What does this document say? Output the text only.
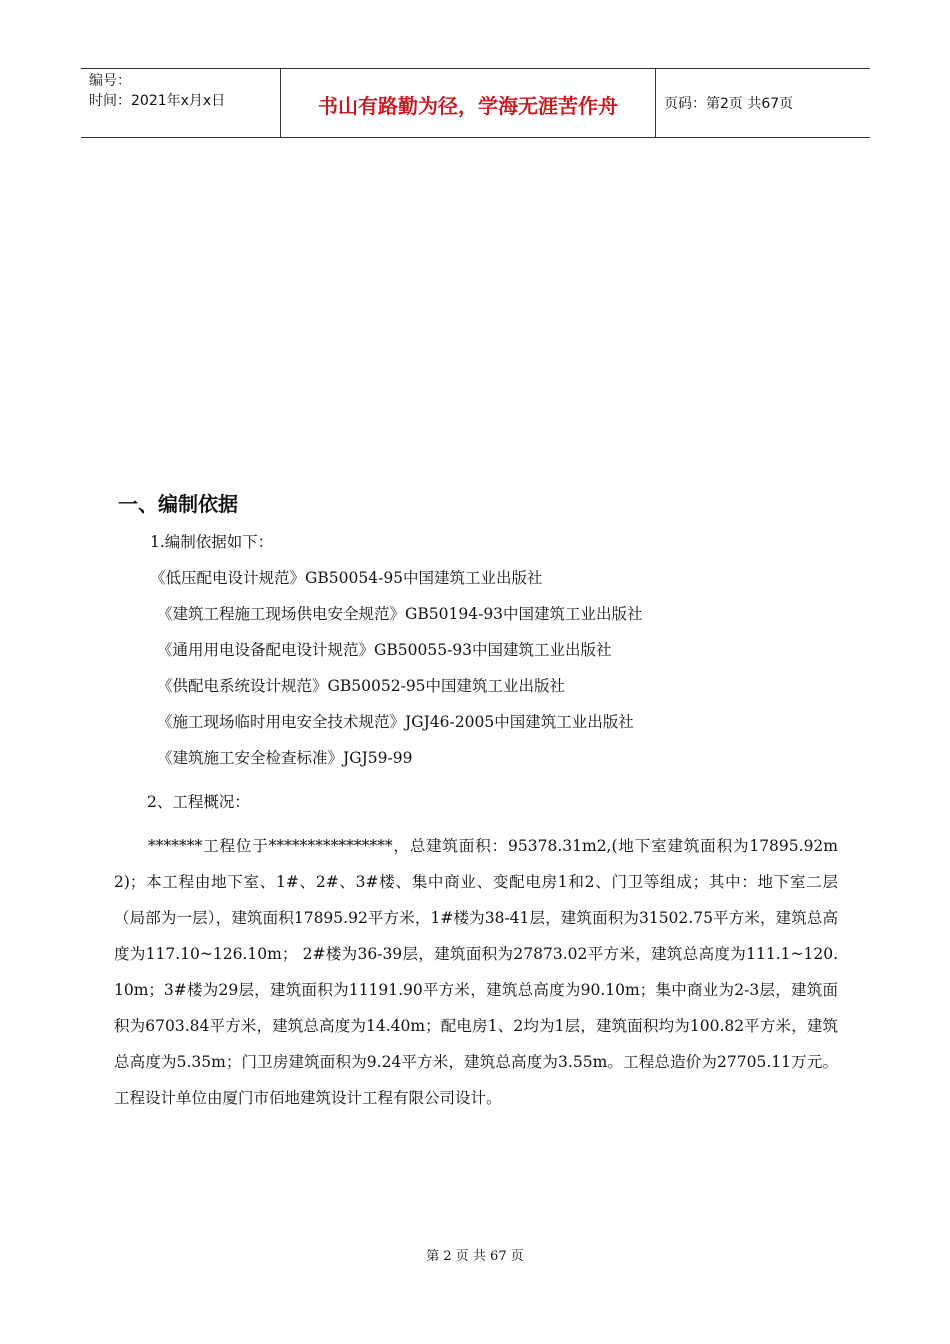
编号：
时间：2021年x月x日	书山有路勤为径，学海无涯苦作舟	页码：第2页 共67页
一、编制依据
1.编制依据如下：
《低压配电设计规范》GB50054-95中国建筑工业出版社
《建筑工程施工现场供电安全规范》GB50194-93中国建筑工业出版社
《通用用电设备配电设计规范》GB50055-93中国建筑工业出版社
《供配电系统设计规范》GB50052-95中国建筑工业出版社
《施工现场临时用电安全技术规范》JGJ46-2005中国建筑工业出版社
《建筑施工安全检查标准》JGJ59-99
2、工程概况：

*******工程位于****************，总建筑面积：95378.31m2,(地下室建筑面积为17895.92m2)；本工程由地下室、1#、2#、3#楼、集中商业、变配电房1和2、门卫等组成；其中：地下室二层（局部为一层），建筑面积17895.92平方米，1#楼为38-41层，建筑面积为31502.75平方米，建筑总高度为117.10~126.10m； 2#楼为36-39层，建筑面积为27873.02平方米，建筑总高度为111.1~120.10m；3#楼为29层，建筑面积为11191.90平方米，建筑总高度为90.10m；集中商业为2-3层，建筑面积为6703.84平方米，建筑总高度为14.40m；配电房1、2均为1层，建筑面积均为100.82平方米，建筑总高度为5.35m；门卫房建筑面积为9.24平方米，建筑总高度为3.55m。工程总造价为27705.11万元。工程设计单位由厦门市佰地建筑设计工程有限公司设计。

第 2 页 共 67 页
